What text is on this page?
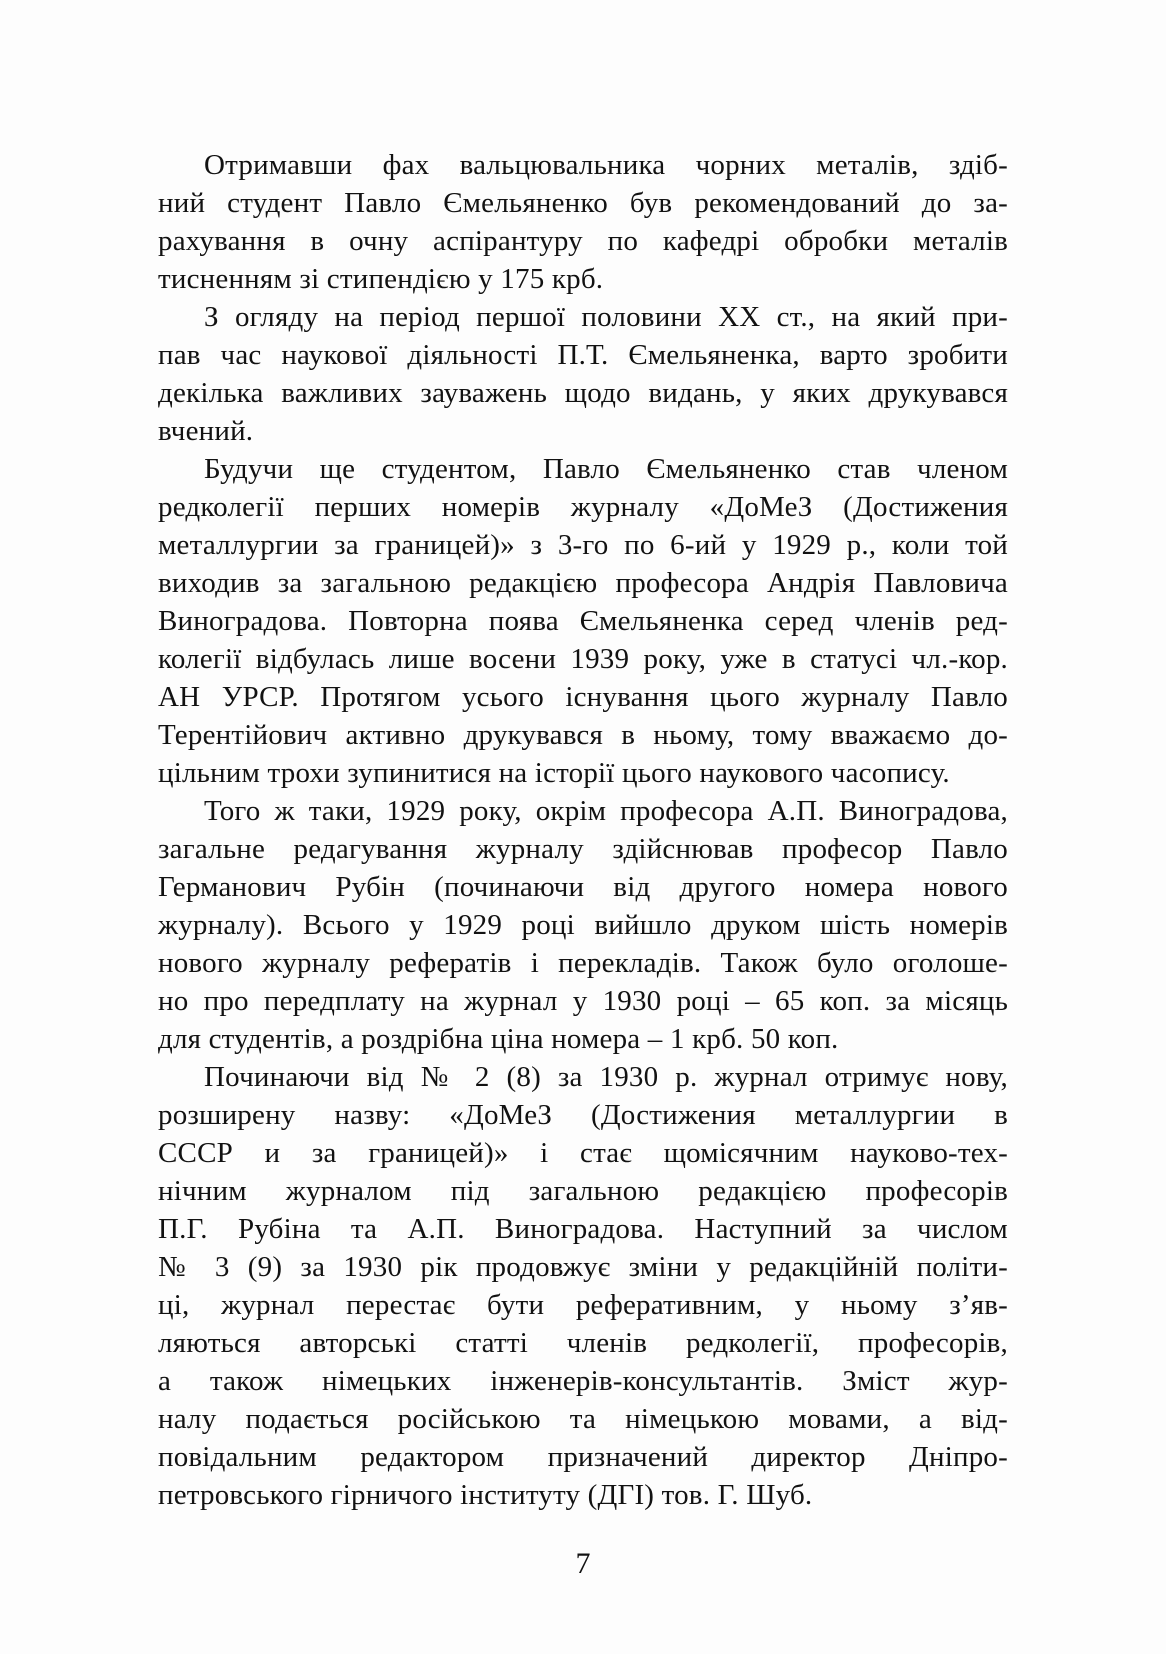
Отримавши фах вальцювальника чорних металів, здіб-
ний студент Павло Ємельяненко був рекомендований до за-
рахування в очну аспірантуру по кафедрі обробки металів
тисненням зі стипендією у 175 крб.
З огляду на період першої половини ХХ ст., на який при-
пав час наукової діяльності П.Т. Ємельяненка, варто зробити
декілька важливих зауважень щодо видань, у яких друкувався
вчений.
Будучи ще студентом, Павло Ємельяненко став членом
редколегії перших номерів журналу «ДоМеЗ (Достижения
металлургии за границей)» з 3-го по 6-ий у 1929 р., коли той
виходив за загальною редакцією професора Андрія Павловича
Виноградова. Повторна поява Ємельяненка серед членів ред-
колегії відбулась лише восени 1939 року, уже в статусі чл.-кор.
АН УРСР. Протягом усього існування цього журналу Павло
Терентійович активно друкувався в ньому, тому вважаємо до-
цільним трохи зупинитися на історії цього наукового часопису.
Того ж таки, 1929 року, окрім професора А.П. Виноградова,
загальне редагування журналу здійснював професор Павло
Германович Рубін (починаючи від другого номера нового
журналу). Всього у 1929 році вийшло друком шість номерів
нового журналу рефератів і перекладів. Також було оголоше-
но про передплату на журнал у 1930 році – 65 коп. за місяць
для студентів, а роздрібна ціна номера – 1 крб. 50 коп.
Починаючи від № 2 (8) за 1930 р. журнал отримує нову,
розширену назву: «ДоМеЗ (Достижения металлургии в
СССР и за границей)» і стає щомісячним науково-тех-
нічним журналом під загальною редакцією професорів
П.Г. Рубіна та А.П. Виноградова. Наступний за числом
№ 3 (9) за 1930 рік продовжує зміни у редакційній політи-
ці, журнал перестає бути реферативним, у ньому з’яв-
ляються авторські статті членів редколегії, професорів,
а також німецьких інженерів-консультантів. Зміст жур-
налу подається російською та німецькою мовами, а від-
повідальним редактором призначений директор Дніпро-
петровського гірничого інституту (ДГІ) тов. Г. Шуб.
7
